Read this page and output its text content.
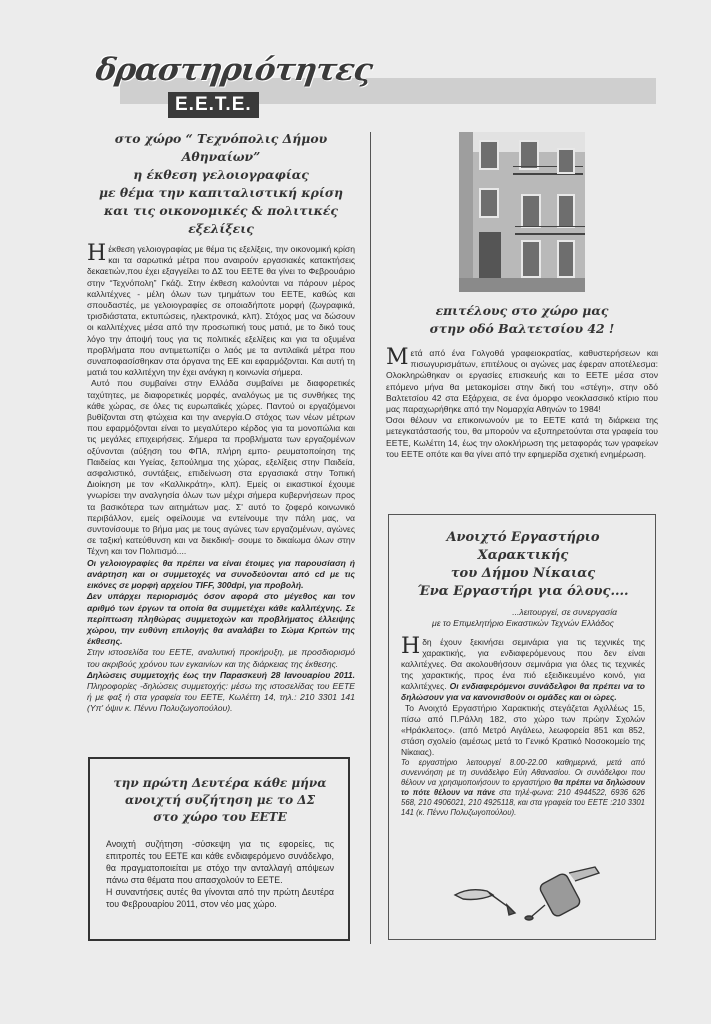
δραστηριότητες
Ε.Ε.Τ.Ε.
στο χώρο “ Τεχνόπολις Δήμου Αθηναίων”
η έκθεση γελοιογραφίας
με θέμα την καπιταλιστική κρίση
και τις οικονομικές & πολιτικές εξελίξεις

Ηέκθεση γελοιογραφίας με θέμα τις εξελίξεις, την οικονομική κρίση και τα σαρωτικά μέτρα που αναιρούν εργασιακές κατακτήσεις δεκαετιών,που έχει εξαγγείλει το ΔΣ του ΕΕΤΕ θα γίνει το Φεβρουάριο στην “Τεχνόπολη” Γκάζι. Στην έκθεση καλούνται να πάρουν μέρος καλλιτέχνες - μέλη όλων των τμημάτων του ΕΕΤΕ, καθώς και σπουδαστές, με γελοιογραφίες σε οποιαδήποτε μορφή (ζωγραφικά, τρισδιάστατα, εκτυπώσεις, ηλεκτρονικά, κλπ). Στόχος μας να δώσουν οι καλλιτέχνες μέσα από την προσωπική τους ματιά, με το δικό τους λόγο την άποψή τους για τις πολιτικές εξελίξεις και για τα οξυμένα προβλήματα που αντιμετωπίζει ο λαός με τα αντιλαϊκά μέτρα που συναποφασίσθηκαν στα όργανα της ΕΕ και εφαρμόζονται. Και αυτή τη ματιά του καλλιτέχνη την έχει ανάγκη η κοινωνία σήμερα.

Αυτό που συμβαίνει στην Ελλάδα συμβαίνει με διαφορετικές ταχύτητες, με διαφορετικές μορφές, αναλόγως με τις συνθήκες της κάθε χώρας, σε όλες τις ευρωπαϊκές χώρες. Παντού οι εργαζόμενοι βυθίζονται στη φτώχεια και την ανεργία.Ο στόχος των νέων μέτρων που εφαρμόζονται είναι το μεγαλύτερο κέρδος για τα μονοπώλια και τις μεγάλες επιχειρήσεις. Σήμερα τα προβλήματα των εργαζομένων οξύνονται (αύξηση του ΦΠΑ, πλήρη εμπο- ρευματοποίηση της Παιδείας και Υγείας, ξεπούλημα της χώρας, εξελίξεις στην Παιδεία, ασφαλιστικό, συντάξεις, επιδείνωση στα εργασιακά στην Τοπική Διοίκηση με τον «Καλλικράτη», κλπ). Εμείς οι εικαστικοί έχουμε γνωρίσει την αναλγησία όλων των μέχρι σήμερα κυβερνήσεων προς τα βασικότερα των αιτημάτων μας. Σ' αυτό το ζοφερό κοινωνικό περιβάλλον, εμείς οφείλουμε να εντείνουμε την πάλη μας, να συντονίσουμε το βήμα μας με τους αγώνες των εργαζομένων, αγώνες σε ταξική κατεύθυνση και να διεκδική- σουμε το δικαίωμα όλων στην Τέχνη και τον Πολιτισμό....

Οι γελοιογραφίες θα πρέπει να είναι έτοιμες για παρουσίαση ή ανάρτηση και οι συμμετοχές να συνοδεύονται από cd με τις εικόνες σε μορφή αρχείου TIFF, 300dpi, για προβολή.

Δεν υπάρχει περιορισμός όσον αφορά στο μέγεθος και τον αριθμό των έργων τα οποία θα συμμετέχει κάθε καλλιτέχνης. Σε περίπτωση πληθώρας συμμετοχών και προβλήματος έλλειψης χώρου, την ευθύνη επιλογής θα αναλάβει το Σώμα Κριτών της έκθεσης.

Στην ιστοσελίδα του ΕΕΤΕ, αναλυτική προκήρυξη, με προσδιορισμό του ακριβούς χρόνου των εγκαινίων και της διάρκειας της έκθεσης.

Δηλώσεις συμμετοχής έως την Παρασκευή 28 Ιανουαρίου 2011. Πληροφορίες -δηλώσεις συμμετοχής: μέσω της ιστοσελίδας του ΕΕΤΕ ή με φαξ ή στα γραφεία του ΕΕΤΕ, Κωλέττη 14, τηλ.: 210 3301 141 (Υπ' όψιν κ. Πέννυ Πολυζωγοπούλου).

την πρώτη Δευτέρα κάθε μήνα
ανοιχτή συζήτηση με το ΔΣ
στο χώρο του ΕΕΤΕ

Ανοιχτή συζήτηση -σύσκεψη για τις εφορείες, τις επιτροπές του ΕΕΤΕ και κάθε ενδιαφερόμενο συνάδελφο, θα πραγματοποιείται με στόχο την ανταλλαγή απόψεων πάνω στα θέματα που απασχολούν το ΕΕΤΕ.

Η συναντήσεις αυτές θα γίνονται από την πρώτη Δευτέρα του Φεβρουαρίου 2011, στον νέο μας χώρο.

επιτέλους στο χώρο μας
στην οδό Βαλτετσίου 42 !

Μετά από ένα Γολγοθά γραφειοκρατίας, καθυστερήσεων και πισωγυρισμάτων, επιτέλους οι αγώνες μας έφεραν αποτέλεσμα: Ολοκληρώθηκαν οι εργασίες επισκευής και το ΕΕΤΕ μέσα στον επόμενο μήνα θα μετακομίσει στην δική του «στέγη», στην οδό Βαλτετσίου 42 στα Εξάρχεια, σε ένα όμορφο νεοκλασσικό κτίριο που μας παραχωρήθηκε από την Νομαρχία Αθηνών το 1984!

Όσοι θέλουν να επικοινωνούν με το ΕΕΤΕ κατά τη διάρκεια της μετεγκατάστασής του, θα μπορούν να εξυπηρετούνται στα γραφεία του ΕΕΤΕ, Κωλέττη 14, έως την ολοκλήρωση της μεταφοράς των γραφείων του ΕΕΤΕ οπότε και θα γίνει από την εφημερίδα σχετική ενημέρωση.

Ανοιχτό Εργαστήριο Χαρακτικής
του Δήμου Νίκαιας
Ένα Εργαστήρι για όλους....
...λειτουργεί, σε συνεργασία
με το Επιμελητήριο Εικαστικών Τεχνών Ελλάδος

Ηδη έχουν ξεκινήσει σεμινάρια για τις τεχνικές της χαρακτικής, για ενδιαφερόμενους που δεν είναι καλλιτέχνες. Θα ακολουθήσουν σεμινάρια για όλες τις τεχνικές της χαρακτικής, προς ένα πιό εξειδικευμένο κοινό, για καλλιτέχνες. Οι ενδιαφερόμενοι συνάδελφοι θα πρέπει να το δηλώσουν για να κανονισθούν οι ομάδες και οι ώρες.

Το Ανοιχτό Εργαστήριο Χαρακτικής στεγάζεται Αχιλλέως 15, πίσω από Π.Ράλλη 182, στο χώρο των πρώην Σχολών «Ηράκλειτος». (από Μετρό Αιγάλεω, λεωφορεία 851 και 852, στάση σχολείο (αμέσως μετά το Γενικό Κρατικό Νοσοκομείο της Νίκαιας).

Το εργαστήριο λειτουργεί 8.00-22.00 καθημερινά, μετά από συνεννόηση με τη συνάδελφο Εύη Αθανασίου. Οι συνάδελφοι που θέλουν να χρησιμοποιήσουν το εργαστήριο θα πρέπει να δηλώσουν το πότε θέλουν να πάνε στα τηλέ-φωνα: 210 4944522, 6936 626 568, 210 4906021, 210 4925118, και στα γραφεία του ΕΕΤΕ :210 3301 141 (κ. Πέννυ Πολυζωγοπούλου).
